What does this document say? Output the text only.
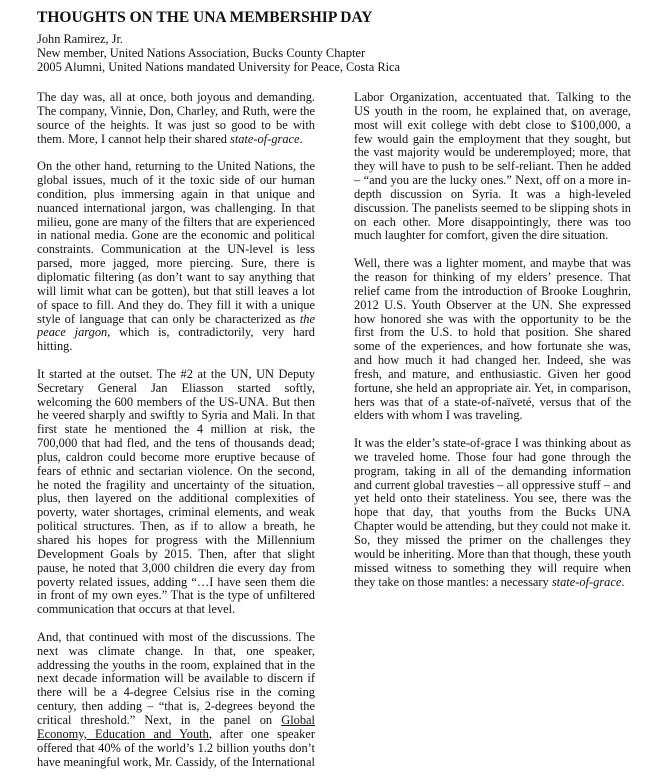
THOUGHTS ON THE UNA MEMBERSHIP DAY

John Ramirez, Jr.

New member, United Nations Association, Bucks County Chapter

2005 Alumni, United Nations mandated University for Peace, Costa Rica

The day was, all at once, both joyous and demanding. The company, Vinnie, Don, Charley, and Ruth, were the source of the heights. It was just so good to be with them. More, I cannot help their shared state-of-grace.

On the other hand, returning to the United Nations, the global issues, much of it the toxic side of our human condition, plus immersing again in that unique and nuanced international jargon, was challenging. In that milieu, gone are many of the filters that are experienced in national media. Gone are the economic and political constraints. Communication at the UN-level is less parsed, more jagged, more piercing. Sure, there is diplomatic filtering (as don’t want to say anything that will limit what can be gotten), but that still leaves a lot of space to fill. And they do. They fill it with a unique style of language that can only be characterized as the peace jargon, which is, contradictorily, very hard hitting.

It started at the outset. The #2 at the UN, UN Deputy Secretary General Jan Eliasson started softly, welcoming the 600 members of the US-UNA. But then he veered sharply and swiftly to Syria and Mali. In that first state he mentioned the 4 million at risk, the 700,000 that had fled, and the tens of thousands dead; plus, caldron could become more eruptive because of fears of ethnic and sectarian violence. On the second, he noted the fragility and uncertainty of the situation, plus, then layered on the additional complexities of poverty, water shortages, criminal elements, and weak political structures. Then, as if to allow a breath, he shared his hopes for progress with the Millennium Development Goals by 2015. Then, after that slight pause, he noted that 3,000 children die every day from poverty related issues, adding “…I have seen them die in front of my own eyes.” That is the type of unfiltered communication that occurs at that level.

And, that continued with most of the discussions. The next was climate change. In that, one speaker, addressing the youths in the room, explained that in the next decade information will be available to discern if there will be a 4-degree Celsius rise in the coming century, then adding – “that is, 2-degrees beyond the critical threshold.” Next, in the panel on Global Economy, Education and Youth, after one speaker offered that 40% of the world’s 1.2 billion youths don’t have meaningful work, Mr. Cassidy, of the International

Labor Organization, accentuated that. Talking to the US youth in the room, he explained that, on average, most will exit college with debt close to $100,000, a few would gain the employment that they sought, but the vast majority would be underemployed; more, that they will have to push to be self-reliant. Then he added – “and you are the lucky ones.” Next, off on a more in-depth discussion on Syria. It was a high-leveled discussion. The panelists seemed to be slipping shots in on each other. More disappointingly, there was too much laughter for comfort, given the dire situation.

Well, there was a lighter moment, and maybe that was the reason for thinking of my elders’ presence. That relief came from the introduction of Brooke Loughrin, 2012 U.S. Youth Observer at the UN. She expressed how honored she was with the opportunity to be the first from the U.S. to hold that position. She shared some of the experiences, and how fortunate she was, and how much it had changed her. Indeed, she was fresh, and mature, and enthusiastic. Given her good fortune, she held an appropriate air. Yet, in comparison, hers was that of a state-of-naïveté, versus that of the elders with whom I was traveling.

It was the elder’s state-of-grace I was thinking about as we traveled home. Those four had gone through the program, taking in all of the demanding information and current global travesties – all oppressive stuff – and yet held onto their stateliness. You see, there was the hope that day, that youths from the Bucks UNA Chapter would be attending, but they could not make it. So, they missed the primer on the challenges they would be inheriting. More than that though, these youth missed witness to something they will require when they take on those mantles: a necessary state-of-grace.
